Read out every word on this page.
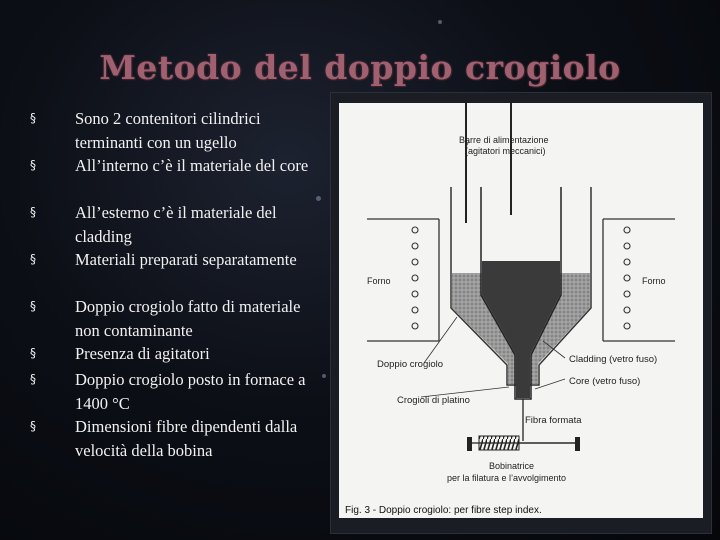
Metodo del doppio crogiolo
§ Sono 2 contenitori cilindrici terminanti con un ugello
§ All’interno c’è il materiale del core
§ All’esterno c’è il materiale del cladding
§ Materiali preparati separatamente
§ Doppio crogiolo fatto di materiale non contaminante
§ Presenza di agitatori
§ Doppio crogiolo posto in fornace a 1400 °C
§ Dimensioni fibre dipendenti dalla velocità della bobina
Barre di alimentazione
(agitatori meccanici)
Forno	Forno
Doppio crogiolo	Cladding (vetro fuso)
Core (vetro fuso)
Crogioli di platino
Fibra formata
Bobinatrice
per la filatura e l’avvolgimento
Fig. 3 - Doppio crogiolo: per fibre step index.
